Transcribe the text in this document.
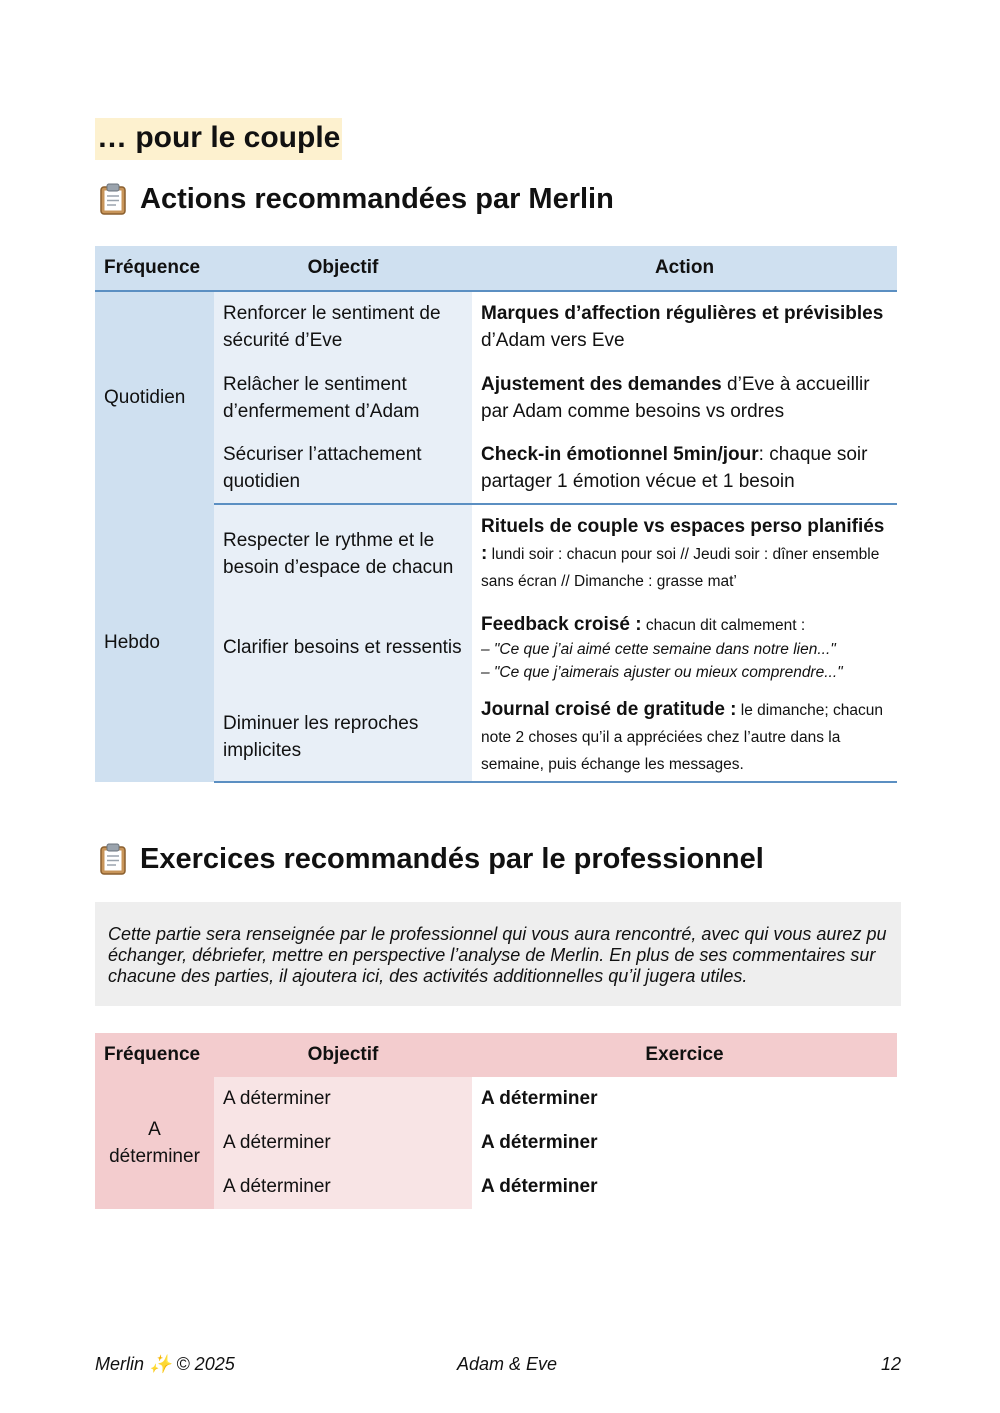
… pour le couple
Actions recommandées par Merlin
Fréquence	Objectif	Action
Quotidien	Renforcer le sentiment de sécurité d’Eve	Marques d’affection régulières et prévisibles d’Adam vers Eve
	Relâcher le sentiment d’enfermement d’Adam	Ajustement des demandes d’Eve à accueillir par Adam comme besoins vs ordres
	Sécuriser l’attachement quotidien	Check-in émotionnel 5min/jour: chaque soir partager 1 émotion vécue et 1 besoin
Hebdo	Respecter le rythme et le besoin d’espace de chacun	Rituels de couple vs espaces perso planifiés : lundi soir : chacun pour soi // Jeudi soir : dîner ensemble sans écran // Dimanche : grasse mat’
	Clarifier besoins et ressentis	Feedback croisé : chacun dit calmement :
– "Ce que j’ai aimé cette semaine dans notre lien..."
– "Ce que j’aimerais ajuster ou mieux comprendre..."

	Diminuer les reproches implicites	Journal croisé de gratitude : le dimanche; chacun note 2 choses qu’il a appréciées chez l’autre dans la semaine, puis échange les messages.
Exercices recommandés par le professionnel
Cette partie sera renseignée par le professionnel qui vous aura rencontré, avec qui vous aurez pu échanger, débriefer, mettre en perspective l’analyse de Merlin. En plus de ses commentaires sur chacune des parties, il ajoutera ici, des activités additionnelles qu’il jugera utiles.
Fréquence	Objectif	Exercice
A déterminer	A déterminer	A déterminer
	A déterminer	A déterminer
	A déterminer	A déterminer
Merlin ✨ © 2025	Adam & Eve	12
